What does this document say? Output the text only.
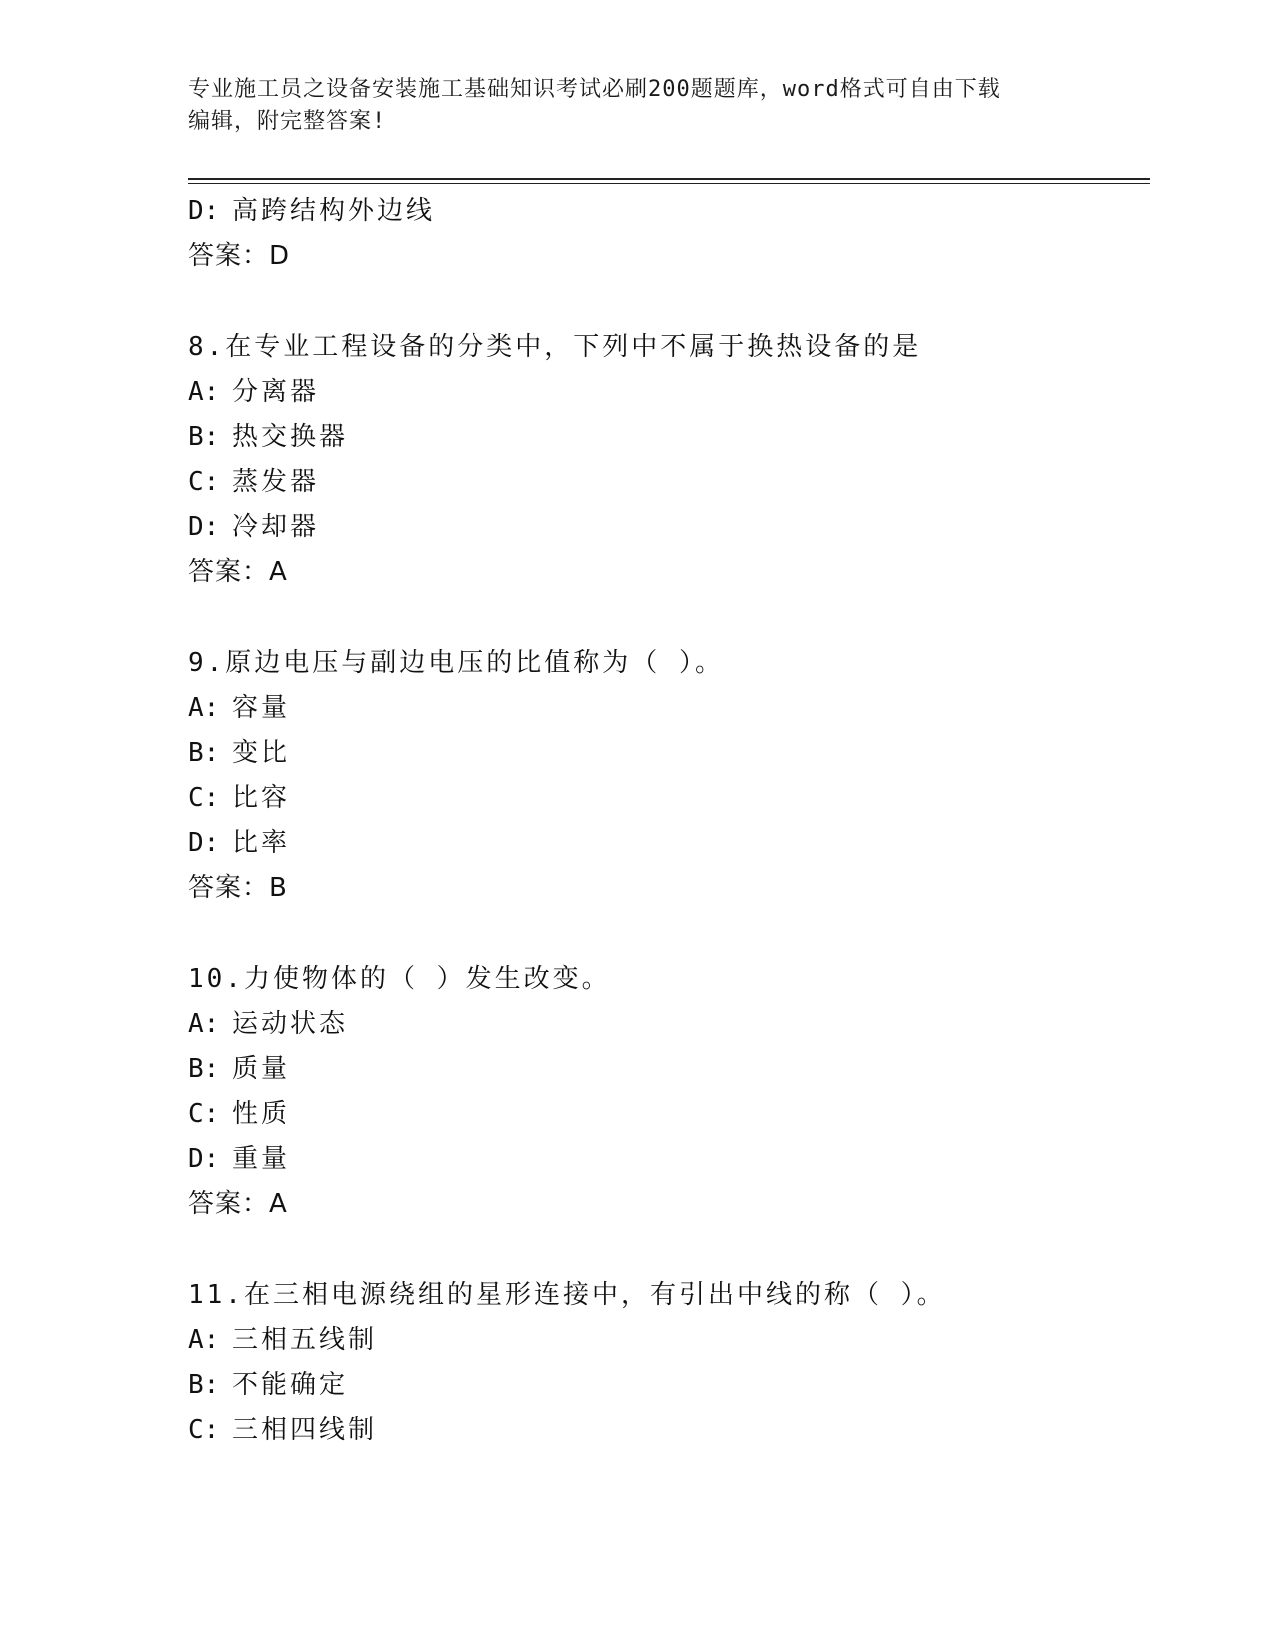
专业施工员之设备安装施工基础知识考试必刷200题题库，word格式可自由下载
编辑，附完整答案!
D: 高跨结构外边线
答案：D
8.在专业工程设备的分类中，下列中不属于换热设备的是
A: 分离器
B: 热交换器
C: 蒸发器
D: 冷却器
答案：A
9.原边电压与副边电压的比值称为（ ）。
A: 容量
B: 变比
C: 比容
D: 比率
答案：B
10.力使物体的（ ）发生改变。
A: 运动状态
B: 质量
C: 性质
D: 重量
答案：A
11.在三相电源绕组的星形连接中，有引出中线的称（ ）。
A: 三相五线制
B: 不能确定
C: 三相四线制
